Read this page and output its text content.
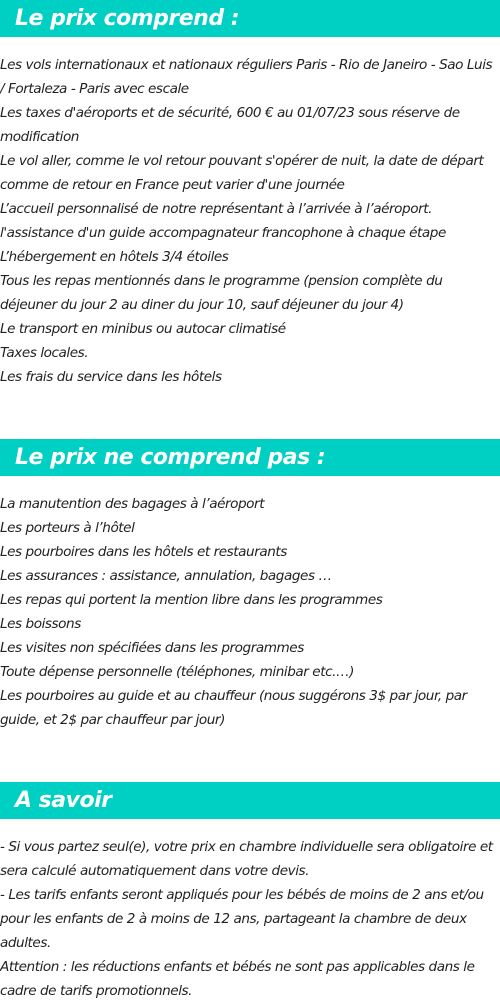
Le prix comprend :
Les vols internationaux et nationaux réguliers Paris - Rio de Janeiro - Sao Luis / Fortaleza - Paris avec escale
Les taxes d'aéroports et de sécurité, 600 € au 01/07/23 sous réserve de modification
Le vol aller, comme le vol retour pouvant s'opérer de nuit, la date de départ comme de retour en France peut varier d'une journée
L’accueil personnalisé de notre représentant à l’arrivée à l’aéroport.
l'assistance d'un guide accompagnateur francophone à chaque étape
L’hébergement en hôtels 3/4 étoiles
Tous les repas mentionnés dans le programme (pension complète du déjeuner du jour 2 au diner du jour 10, sauf déjeuner du jour 4)
Le transport en minibus ou autocar climatisé
Taxes locales.
Les frais du service dans les hôtels
Le prix ne comprend pas :
La manutention des bagages à l’aéroport
Les porteurs à l’hôtel
Les pourboires dans les hôtels et restaurants
Les assurances : assistance, annulation, bagages …
Les repas qui portent la mention libre dans les programmes
Les boissons
Les visites non spécifiées dans les programmes
Toute dépense personnelle (téléphones, minibar etc.…)
Les pourboires au guide et au chauffeur (nous suggérons 3$ par jour, par guide, et 2$ par chauffeur par jour)
A savoir
- Si vous partez seul(e), votre prix en chambre individuelle sera obligatoire et sera calculé automatiquement dans votre devis.
- Les tarifs enfants seront appliqués pour les bébés de moins de 2 ans et/ou pour les enfants de 2 à moins de 12 ans, partageant la chambre de deux adultes.
Attention : les réductions enfants et bébés ne sont pas applicables dans le cadre de tarifs promotionnels.
